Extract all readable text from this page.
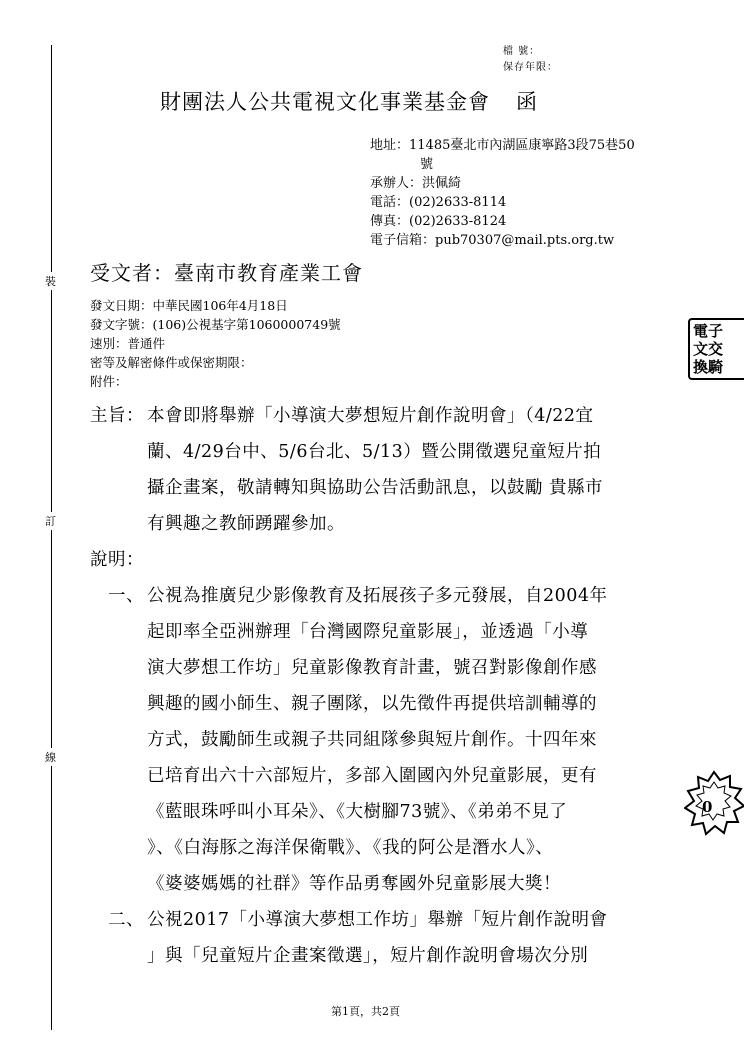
檔 號：
保存年限：
裝
訂
線
財團法人公共電視文化事業基金會 函
地址：11485臺北市內湖區康寧路3段75巷50
號
承辦人：洪佩綺
電話：(02)2633-8114
傳真：(02)2633-8124
電子信箱：pub70307@mail.pts.org.tw
受文者：臺南市教育產業工會
發文日期：中華民國106年4月18日
發文字號：(106)公視基字第1060000749號
速別：普通件
密等及解密條件或保密期限：
附件：
主旨： 本會即將舉辦「小導演大夢想短片創作說明會」（4/22宜
蘭、4/29台中、5/6台北、5/13）暨公開徵選兒童短片拍
攝企畫案，敬請轉知與協助公告活動訊息，以鼓勵 貴縣市
有興趣之教師踴躍參加。
說明：
一、 公視為推廣兒少影像教育及拓展孩子多元發展，自2004年
起即率全亞洲辦理「台灣國際兒童影展」，並透過「小導
演大夢想工作坊」兒童影像教育計畫，號召對影像創作感
興趣的國小師生、親子團隊，以先徵件再提供培訓輔導的
方式，鼓勵師生或親子共同組隊參與短片創作。十四年來
已培育出六十六部短片，多部入圍國內外兒童影展，更有
《藍眼珠呼叫小耳朵》、《大樹腳73號》、《弟弟不見了
》、《白海豚之海洋保衛戰》、《我的阿公是潛水人》、
《婆婆媽媽的社群》等作品勇奪國外兒童影展大獎！
二、 公視2017「小導演大夢想工作坊」舉辦「短片創作說明會
」與「兒童短片企畫案徵選」，短片創作說明會場次分別
電子
文交
換騎
0
第1頁，共2頁
